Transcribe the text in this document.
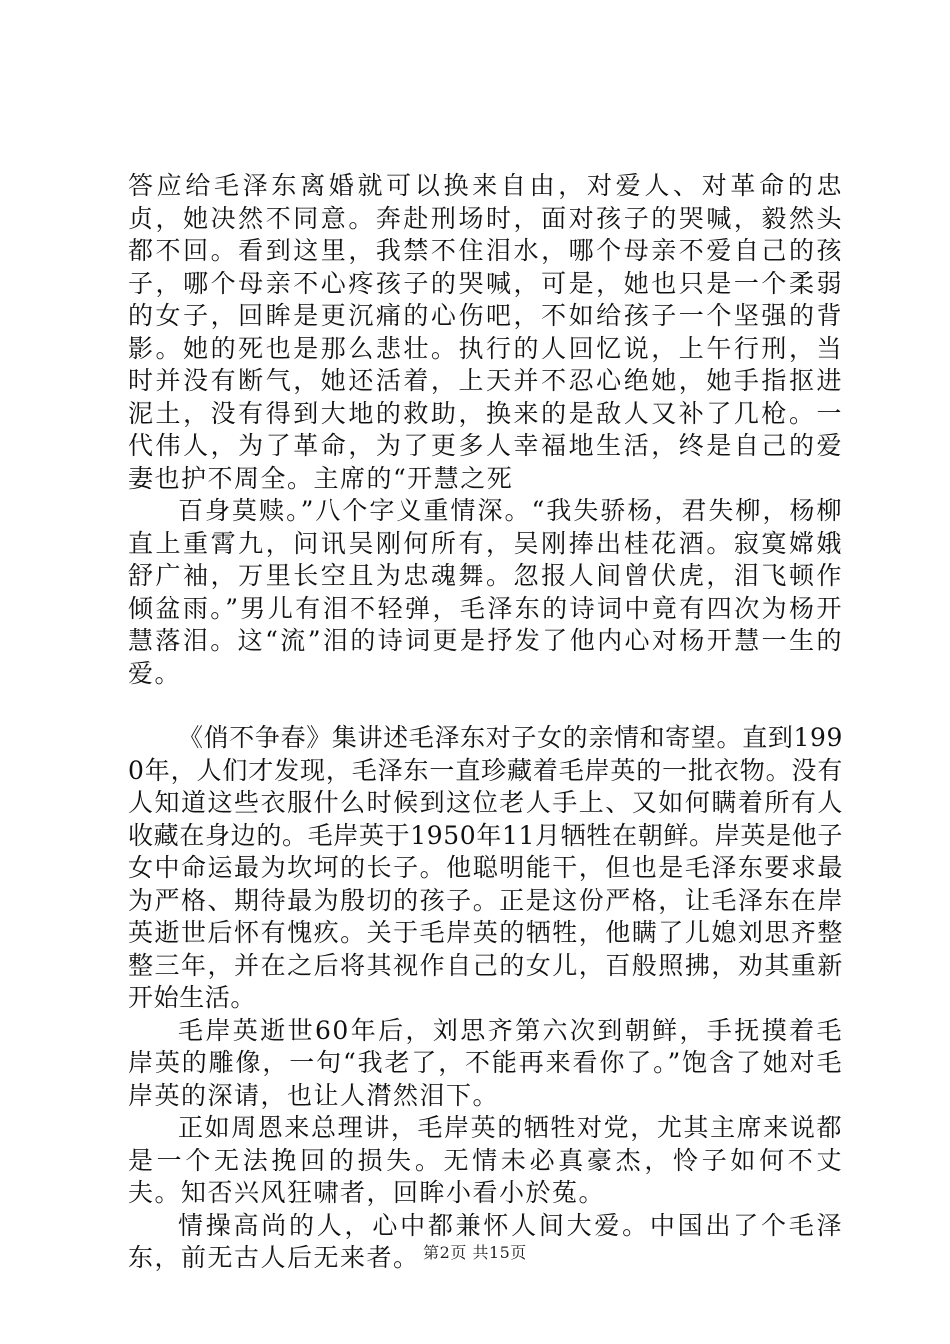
答应给毛泽东离婚就可以换来自由，对爱人、对革命的忠贞，她决然不同意。奔赴刑场时，面对孩子的哭喊，毅然头都不回。看到这里，我禁不住泪水，哪个母亲不爱自己的孩子，哪个母亲不心疼孩子的哭喊，可是，她也只是一个柔弱的女子，回眸是更沉痛的心伤吧，不如给孩子一个坚强的背影。她的死也是那么悲壮。执行的人回忆说，上午行刑，当时并没有断气，她还活着，上天并不忍心绝她，她手指抠进泥土，没有得到大地的救助，换来的是敌人又补了几枪。一代伟人，为了革命，为了更多人幸福地生活，终是自己的爱妻也护不周全。主席的“开慧之死

百身莫赎。”八个字义重情深。“我失骄杨，君失柳，杨柳直上重霄九，问讯吴刚何所有，吴刚捧出桂花酒。寂寞嫦娥舒广袖，万里长空且为忠魂舞。忽报人间曾伏虎，泪飞顿作倾盆雨。”男儿有泪不轻弹，毛泽东的诗词中竟有四次为杨开慧落泪。这“流”泪的诗词更是抒发了他内心对杨开慧一生的爱。

《俏不争春》集讲述毛泽东对子女的亲情和寄望。直到1990年，人们才发现，毛泽东一直珍藏着毛岸英的一批衣物。没有人知道这些衣服什么时候到这位老人手上、又如何瞒着所有人收藏在身边的。毛岸英于1950年11月牺牲在朝鲜。岸英是他子女中命运最为坎坷的长子。他聪明能干，但也是毛泽东要求最为严格、期待最为殷切的孩子。正是这份严格，让毛泽东在岸英逝世后怀有愧疚。关于毛岸英的牺牲，他瞒了儿媳刘思齐整整三年，并在之后将其视作自己的女儿，百般照拂，劝其重新开始生活。

毛岸英逝世60年后，刘思齐第六次到朝鲜，手抚摸着毛岸英的雕像，一句“我老了，不能再来看你了。”饱含了她对毛岸英的深请，也让人潸然泪下。

正如周恩来总理讲，毛岸英的牺牲对党，尤其主席来说都是一个无法挽回的损失。无情未必真豪杰，怜子如何不丈夫。知否兴风狂啸者，回眸小看小於菟。

情操高尚的人，心中都兼怀人间大爱。中国出了个毛泽东，前无古人后无来者。 第2页 共15页
